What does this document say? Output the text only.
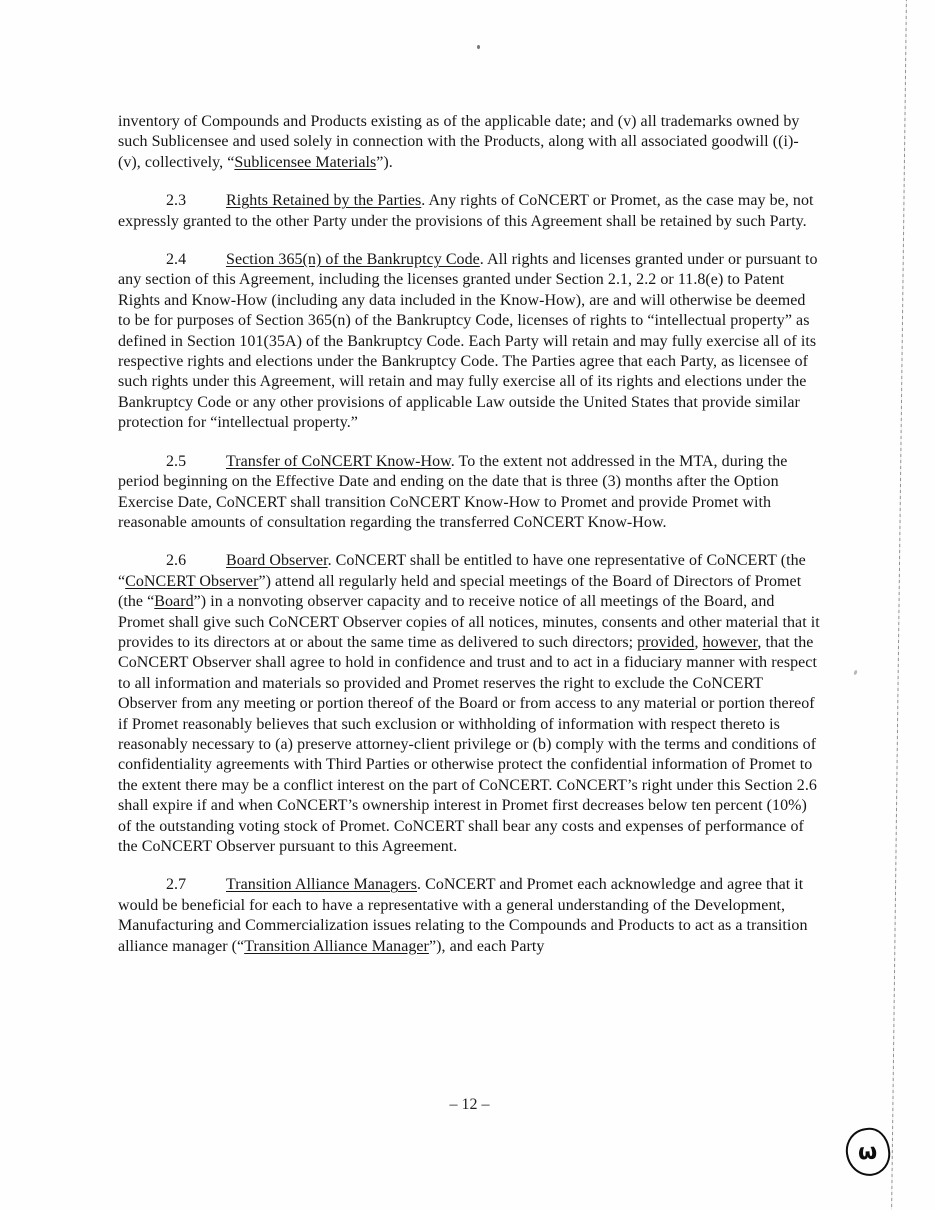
inventory of Compounds and Products existing as of the applicable date; and (v) all trademarks owned by such Sublicensee and used solely in connection with the Products, along with all associated goodwill ((i)-(v), collectively, “Sublicensee Materials”).

2.3 Rights Retained by the Parties. Any rights of CoNCERT or Promet, as the case may be, not expressly granted to the other Party under the provisions of this Agreement shall be retained by such Party.

2.4 Section 365(n) of the Bankruptcy Code. All rights and licenses granted under or pursuant to any section of this Agreement, including the licenses granted under Section 2.1, 2.2 or 11.8(e) to Patent Rights and Know-How (including any data included in the Know-How), are and will otherwise be deemed to be for purposes of Section 365(n) of the Bankruptcy Code, licenses of rights to “intellectual property” as defined in Section 101(35A) of the Bankruptcy Code. Each Party will retain and may fully exercise all of its respective rights and elections under the Bankruptcy Code. The Parties agree that each Party, as licensee of such rights under this Agreement, will retain and may fully exercise all of its rights and elections under the Bankruptcy Code or any other provisions of applicable Law outside the United States that provide similar protection for “intellectual property.”

2.5 Transfer of CoNCERT Know-How. To the extent not addressed in the MTA, during the period beginning on the Effective Date and ending on the date that is three (3) months after the Option Exercise Date, CoNCERT shall transition CoNCERT Know-How to Promet and provide Promet with reasonable amounts of consultation regarding the transferred CoNCERT Know-How.

2.6 Board Observer. CoNCERT shall be entitled to have one representative of CoNCERT (the “CoNCERT Observer”) attend all regularly held and special meetings of the Board of Directors of Promet (the “Board”) in a nonvoting observer capacity and to receive notice of all meetings of the Board, and Promet shall give such CoNCERT Observer copies of all notices, minutes, consents and other material that it provides to its directors at or about the same time as delivered to such directors; provided, however, that the CoNCERT Observer shall agree to hold in confidence and trust and to act in a fiduciary manner with respect to all information and materials so provided and Promet reserves the right to exclude the CoNCERT Observer from any meeting or portion thereof of the Board or from access to any material or portion thereof if Promet reasonably believes that such exclusion or withholding of information with respect thereto is reasonably necessary to (a) preserve attorney-client privilege or (b) comply with the terms and conditions of confidentiality agreements with Third Parties or otherwise protect the confidential information of Promet to the extent there may be a conflict interest on the part of CoNCERT. CoNCERT’s right under this Section 2.6 shall expire if and when CoNCERT’s ownership interest in Promet first decreases below ten percent (10%) of the outstanding voting stock of Promet. CoNCERT shall bear any costs and expenses of performance of the CoNCERT Observer pursuant to this Agreement.

2.7 Transition Alliance Managers. CoNCERT and Promet each acknowledge and agree that it would be beneficial for each to have a representative with a general understanding of the Development, Manufacturing and Commercialization issues relating to the Compounds and Products to act as a transition alliance manager (“Transition Alliance Manager”), and each Party

– 12 –
ω
